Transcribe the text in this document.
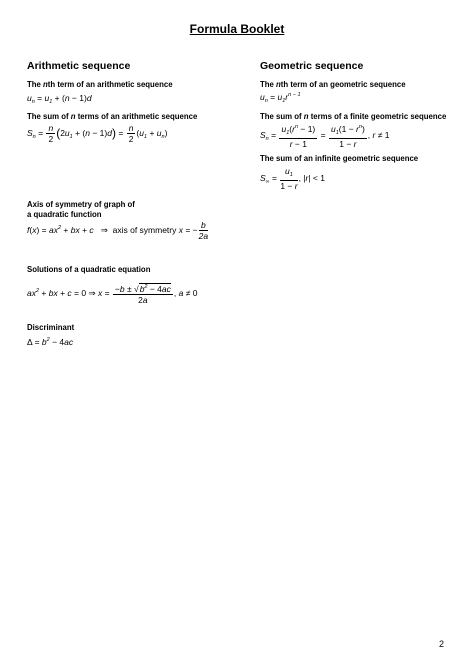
Formula Booklet
Arithmetic sequence
The nth term of an arithmetic sequence
$u_n = u_1 + (n - 1)d$
The sum of n terms of an arithmetic sequence
$S_n = \frac{n}{2} (2u_1 + (n - 1)d) = \frac{n}{2} (u_1 + u_n)$
Geometric sequence
The nth term of an geometric sequence
$u_n = u_1r^{n - 1}$
The sum of n terms of a finite geometric sequence
$S_n = \frac{u_1(r^n - 1)}{r - 1} = \frac{u_1(1 - r^n)}{1 - r}$ , r ≠ 1
The sum of an infinite geometric sequence
$S_\infty = \frac{u_1}{1 - r}$ , |r| < 1
Axis of symmetry of graph of
a quadratic function
$f(x) = ax^2$ + bx + c   ⇒  axis of symmetry x = − $\frac{b}{2a}$
Solutions of a quadratic equation
$ax^2$ + bx + c = 0 ⇒ $x = \frac{-b \pm √b^2 - 4ac}{2a}$ , a ≠ 0
Discriminant
$\Delta = b^2 - 4ac$
2
